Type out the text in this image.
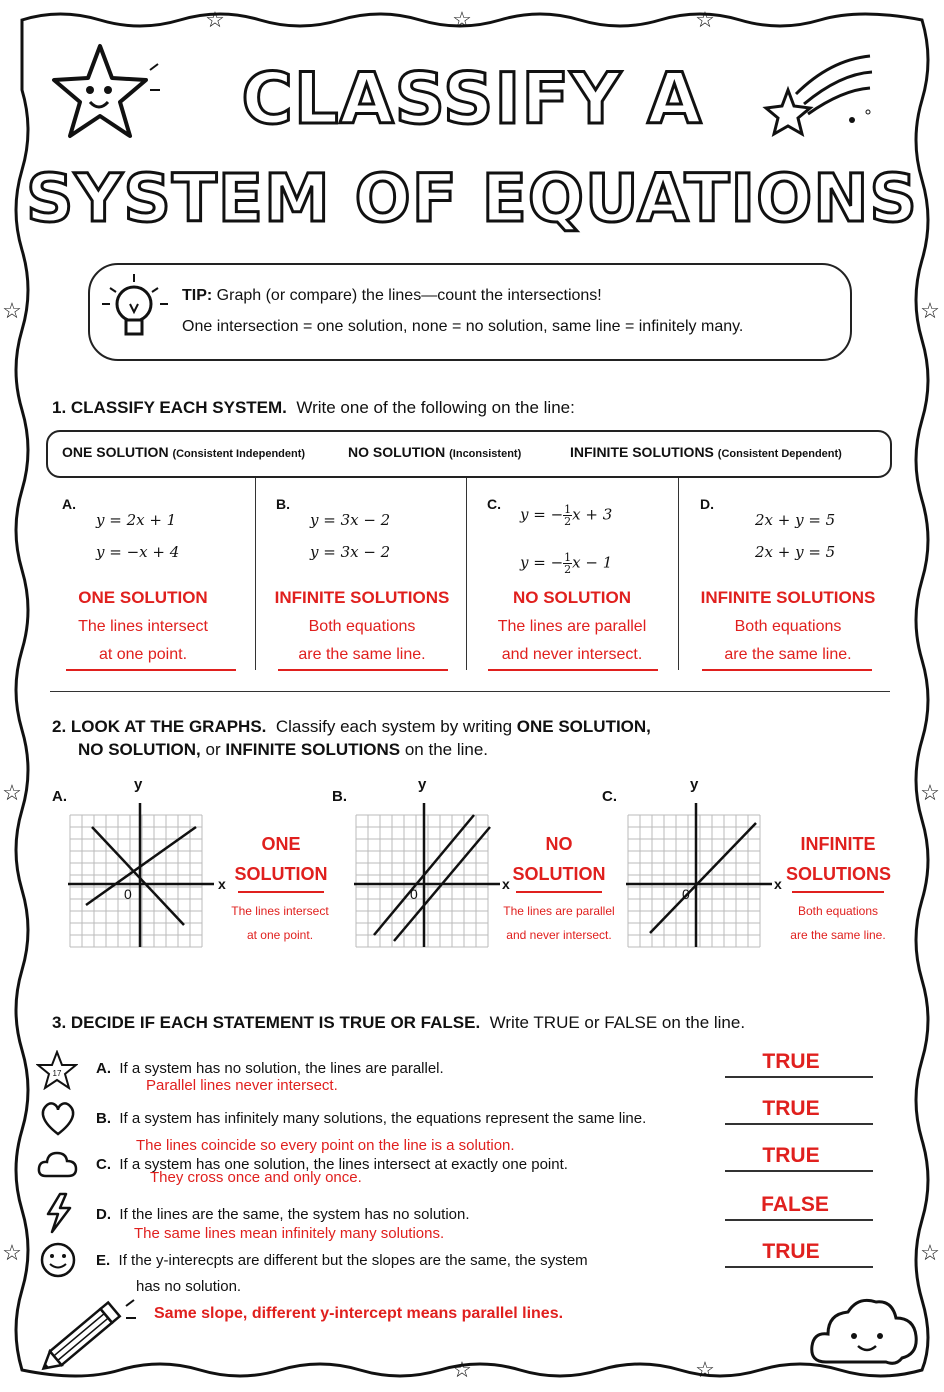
☆	☆	☆
☆
☆
☆
☆
☆
☆
☆	☆
CLASSIFY A
SYSTEM OF EQUATIONS
TIP: Graph (or compare) the lines—count the intersections!
One intersection = one solution, none = no solution, same line = infinitely many.
1. CLASSIFY EACH SYSTEM. Write one of the following on the line:
ONE SOLUTION (Consistent Independent)	NO SOLUTION (Inconsistent)	INFINITE SOLUTIONS (Consistent Dependent)
A.
y = 2x + 1
y = −x + 4
ONE SOLUTION
The lines intersect
at one point.
B.
y = 3x − 2
y = 3x − 2
INFINITE SOLUTIONS
Both equations
are the same line.
C.
y = − $\frac{1}{2}$ x + 3
y = − $\frac{1}{2}$ x − 1
NO SOLUTION
The lines are parallel
and never intersect.
D.
2x + y = 5
2x + y = 5
INFINITE SOLUTIONS
Both equations
are the same line.
2. LOOK AT THE GRAPHS. Classify each system by writing ONE SOLUTION,
NO SOLUTION, or INFINITE SOLUTIONS on the line.
A.
y
x
0
ONE
SOLUTION
The lines intersect
at one point.
B.
y
x
0
NO
SOLUTION
The lines are parallel
and never intersect.
C.
y
x
0
INFINITE
SOLUTIONS
Both equations
are the same line.
3. DECIDE IF EACH STATEMENT IS TRUE OR FALSE. Write TRUE or FALSE on the line.
17 A. If a system has no solution, the lines are parallel.
Parallel lines never intersect.
TRUE
B. If a system has infinitely many solutions, the equations represent the same line.
The lines coincide so every point on the line is a solution.
TRUE
C. If a system has one solution, the lines intersect at exactly one point.
They cross once and only once.
TRUE
D. If the lines are the same, the system has no solution.
The same lines mean infinitely many solutions.
FALSE
E. If the y-interecpts are different but the slopes are the same, the system
has no solution.
TRUE
Same slope, different y-intercept means parallel lines.
